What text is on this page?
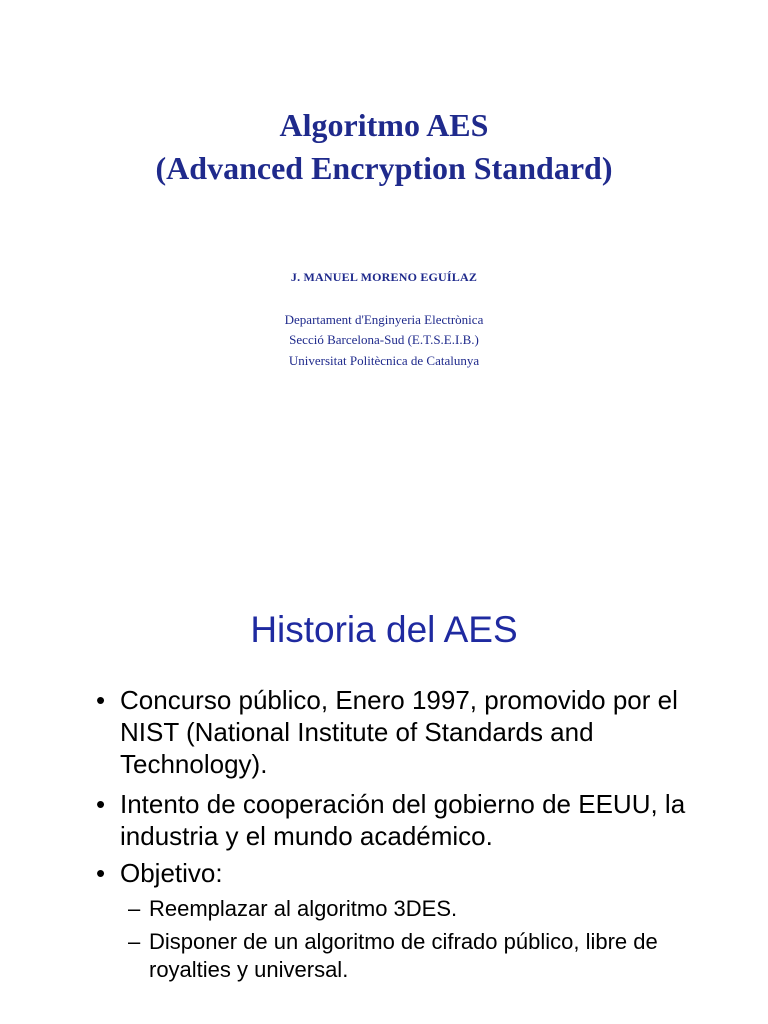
Algoritmo AES
(Advanced Encryption Standard)

J. MANUEL MORENO EGUÍLAZ

Departament d'Enginyeria Electrònica

Secció Barcelona-Sud (E.T.S.E.I.B.)

Universitat Politècnica de Catalunya

Historia del AES
• Concurso público, Enero 1997, promovido por el NIST (National Institute of Standards and Technology).
• Intento de cooperación del gobierno de EEUU, la industria y el mundo académico.
• Objetivo:
– Reemplazar al algoritmo 3DES.
– Disponer de un algoritmo de cifrado público, libre de royalties y universal.
